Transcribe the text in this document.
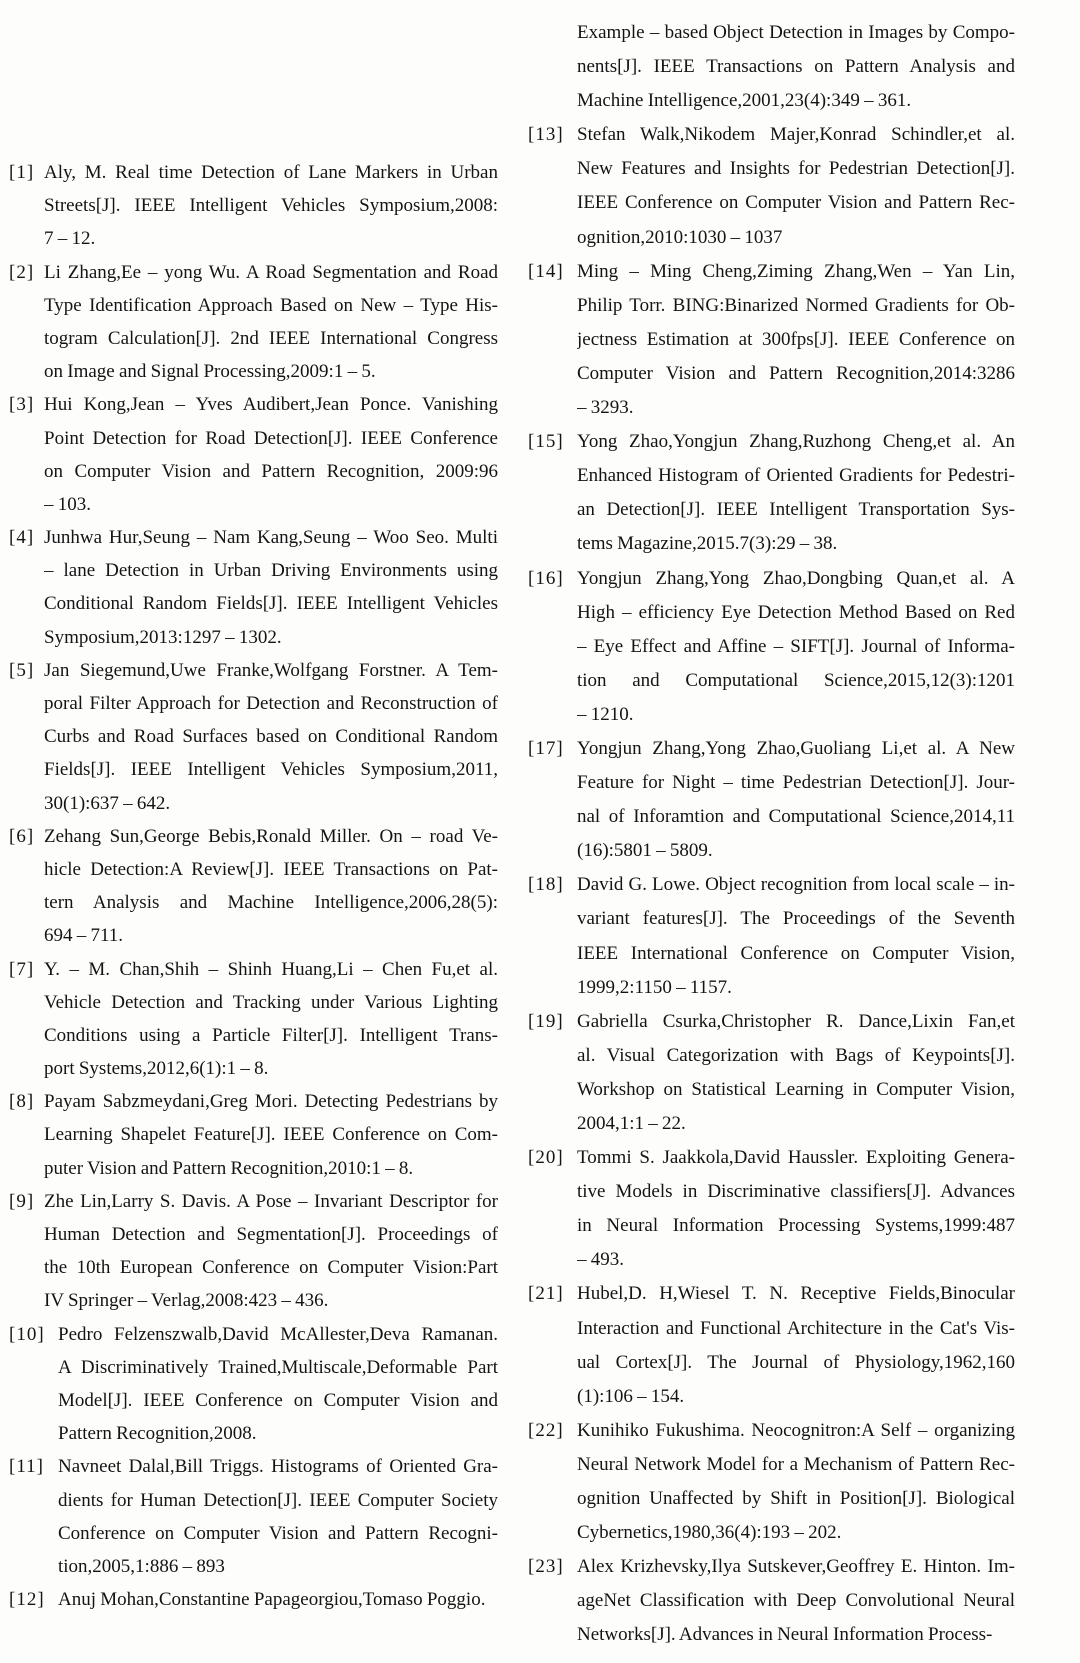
[1] Aly, M. Real time Detection of Lane Markers in Urban
Streets[J]. IEEE Intelligent Vehicles Symposium,2008:
7 – 12.
[2] Li Zhang,Ee – yong Wu. A Road Segmentation and Road
Type Identification Approach Based on New – Type His-
togram Calculation[J]. 2nd IEEE International Congress
on Image and Signal Processing,2009:1 – 5.
[3] Hui Kong,Jean – Yves Audibert,Jean Ponce. Vanishing
Point Detection for Road Detection[J]. IEEE Conference
on Computer Vision and Pattern Recognition, 2009:96
– 103.
[4] Junhwa Hur,Seung – Nam Kang,Seung – Woo Seo. Multi
– lane Detection in Urban Driving Environments using
Conditional Random Fields[J]. IEEE Intelligent Vehicles
Symposium,2013:1297 – 1302.
[5] Jan Siegemund,Uwe Franke,Wolfgang Forstner. A Tem-
poral Filter Approach for Detection and Reconstruction of
Curbs and Road Surfaces based on Conditional Random
Fields[J]. IEEE Intelligent Vehicles Symposium,2011,
30(1):637 – 642.
[6] Zehang Sun,George Bebis,Ronald Miller. On – road Ve-
hicle Detection:A Review[J]. IEEE Transactions on Pat-
tern Analysis and Machine Intelligence,2006,28(5):
694 – 711.
[7] Y. – M. Chan,Shih – Shinh Huang,Li – Chen Fu,et al.
Vehicle Detection and Tracking under Various Lighting
Conditions using a Particle Filter[J]. Intelligent Trans-
port Systems,2012,6(1):1 – 8.
[8] Payam Sabzmeydani,Greg Mori. Detecting Pedestrians by
Learning Shapelet Feature[J]. IEEE Conference on Com-
puter Vision and Pattern Recognition,2010:1 – 8.
[9] Zhe Lin,Larry S. Davis. A Pose – Invariant Descriptor for
Human Detection and Segmentation[J]. Proceedings of
the 10th European Conference on Computer Vision:Part
IV Springer – Verlag,2008:423 – 436.
[10] Pedro Felzenszwalb,David McAllester,Deva Ramanan.
A Discriminatively Trained,Multiscale,Deformable Part
Model[J]. IEEE Conference on Computer Vision and
Pattern Recognition,2008.
[11] Navneet Dalal,Bill Triggs. Histograms of Oriented Gra-
dients for Human Detection[J]. IEEE Computer Society
Conference on Computer Vision and Pattern Recogni-
tion,2005,1:886 – 893
[12] Anuj Mohan,Constantine Papageorgiou,Tomaso Poggio.
Example – based Object Detection in Images by Compo-
nents[J]. IEEE Transactions on Pattern Analysis and
Machine Intelligence,2001,23(4):349 – 361.
[13] Stefan Walk,Nikodem Majer,Konrad Schindler,et al.
New Features and Insights for Pedestrian Detection[J].
IEEE Conference on Computer Vision and Pattern Rec-
ognition,2010:1030 – 1037
[14] Ming – Ming Cheng,Ziming Zhang,Wen – Yan Lin,
Philip Torr. BING:Binarized Normed Gradients for Ob-
jectness Estimation at 300fps[J]. IEEE Conference on
Computer Vision and Pattern Recognition,2014:3286
– 3293.
[15] Yong Zhao,Yongjun Zhang,Ruzhong Cheng,et al. An
Enhanced Histogram of Oriented Gradients for Pedestri-
an Detection[J]. IEEE Intelligent Transportation Sys-
tems Magazine,2015.7(3):29 – 38.
[16] Yongjun Zhang,Yong Zhao,Dongbing Quan,et al. A
High – efficiency Eye Detection Method Based on Red
– Eye Effect and Affine – SIFT[J]. Journal of Informa-
tion and Computational Science,2015,12(3):1201
– 1210.
[17] Yongjun Zhang,Yong Zhao,Guoliang Li,et al. A New
Feature for Night – time Pedestrian Detection[J]. Jour-
nal of Inforamtion and Computational Science,2014,11
(16):5801 – 5809.
[18] David G. Lowe. Object recognition from local scale – in-
variant features[J]. The Proceedings of the Seventh
IEEE International Conference on Computer Vision,
1999,2:1150 – 1157.
[19] Gabriella Csurka,Christopher R. Dance,Lixin Fan,et
al. Visual Categorization with Bags of Keypoints[J].
Workshop on Statistical Learning in Computer Vision,
2004,1:1 – 22.
[20] Tommi S. Jaakkola,David Haussler. Exploiting Genera-
tive Models in Discriminative classifiers[J]. Advances
in Neural Information Processing Systems,1999:487
– 493.
[21] Hubel,D. H,Wiesel T. N. Receptive Fields,Binocular
Interaction and Functional Architecture in the Cat's Vis-
ual Cortex[J]. The Journal of Physiology,1962,160
(1):106 – 154.
[22] Kunihiko Fukushima. Neocognitron:A Self – organizing
Neural Network Model for a Mechanism of Pattern Rec-
ognition Unaffected by Shift in Position[J]. Biological
Cybernetics,1980,36(4):193 – 202.
[23] Alex Krizhevsky,Ilya Sutskever,Geoffrey E. Hinton. Im-
ageNet Classification with Deep Convolutional Neural
Networks[J]. Advances in Neural Information Process-
